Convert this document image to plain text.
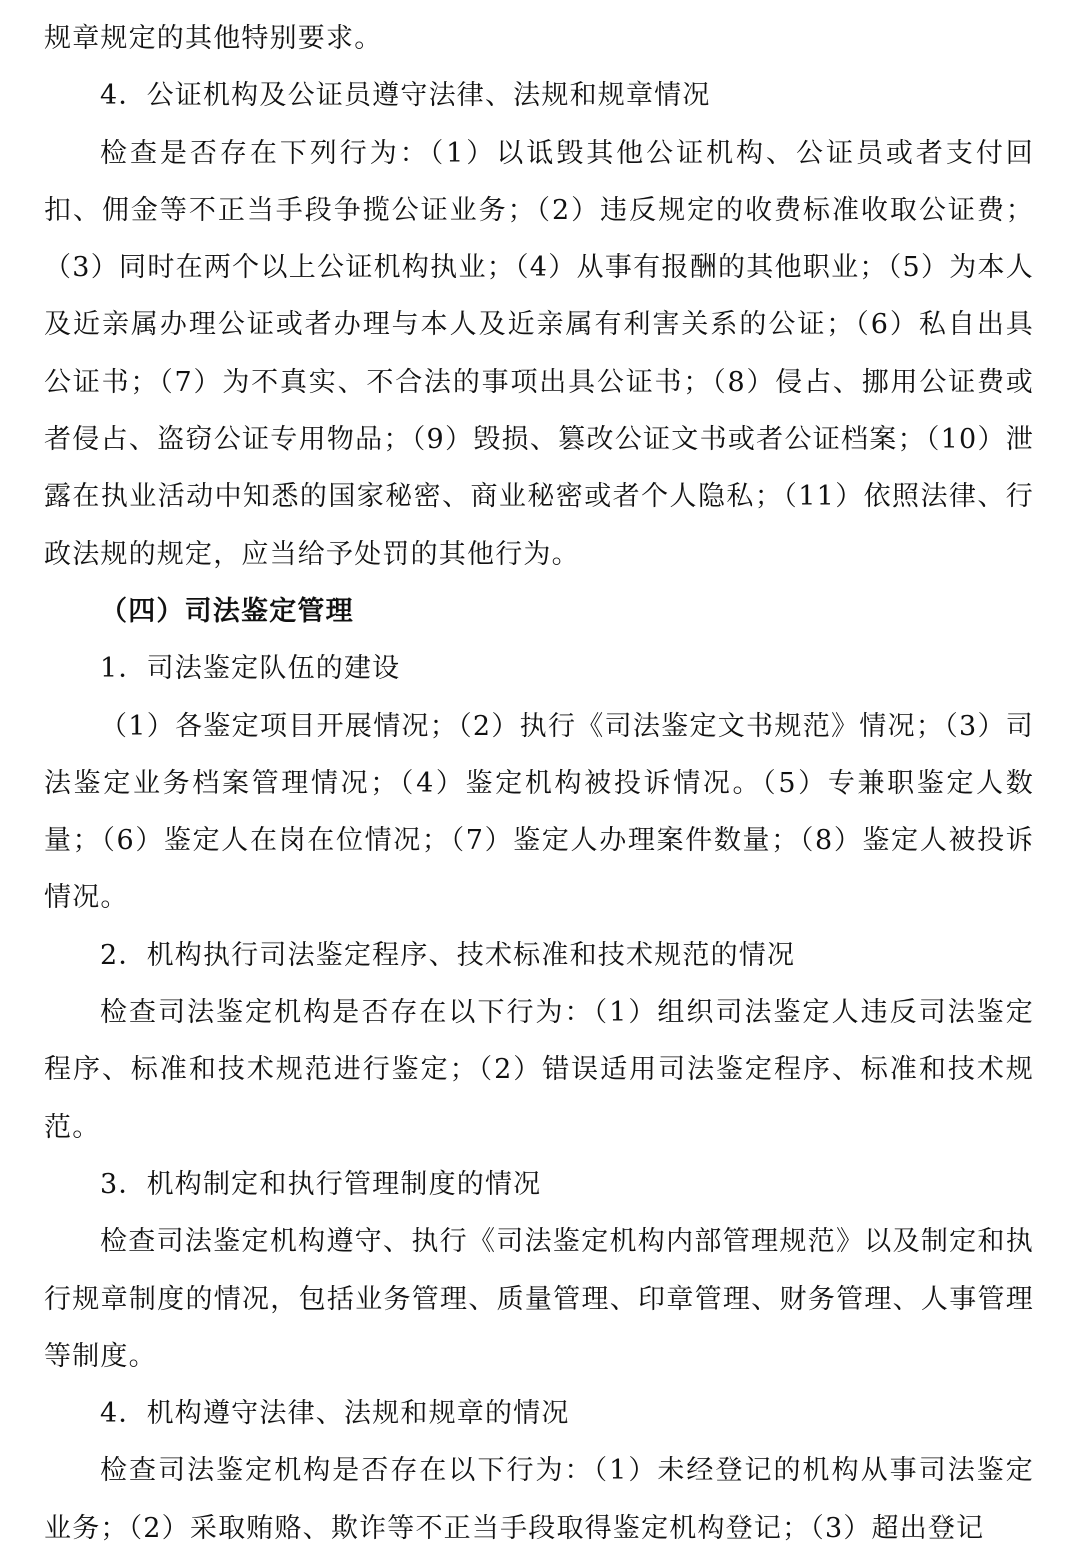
规章规定的其他特别要求。

4．公证机构及公证员遵守法律、法规和规章情况

检查是否存在下列行为：（1）以诋毁其他公证机构、公证员或者支付回扣、佣金等不正当手段争揽公证业务；（2）违反规定的收费标准收取公证费；（3）同时在两个以上公证机构执业；（4）从事有报酬的其他职业；（5）为本人及近亲属办理公证或者办理与本人及近亲属有利害关系的公证；（6）私自出具公证书；（7）为不真实、不合法的事项出具公证书；（8）侵占、挪用公证费或者侵占、盗窃公证专用物品；（9）毁损、篡改公证文书或者公证档案；（10）泄露在执业活动中知悉的国家秘密、商业秘密或者个人隐私；（11）依照法律、行政法规的规定，应当给予处罚的其他行为。

（四）司法鉴定管理

1．司法鉴定队伍的建设

（1）各鉴定项目开展情况；（2）执行《司法鉴定文书规范》情况；（3）司法鉴定业务档案管理情况；（4）鉴定机构被投诉情况。（5）专兼职鉴定人数量；（6）鉴定人在岗在位情况；（7）鉴定人办理案件数量；（8）鉴定人被投诉情况。

2．机构执行司法鉴定程序、技术标准和技术规范的情况

检查司法鉴定机构是否存在以下行为：（1）组织司法鉴定人违反司法鉴定程序、标准和技术规范进行鉴定；（2）错误适用司法鉴定程序、标准和技术规范。

3．机构制定和执行管理制度的情况

检查司法鉴定机构遵守、执行《司法鉴定机构内部管理规范》以及制定和执行规章制度的情况，包括业务管理、质量管理、印章管理、财务管理、人事管理等制度。

4．机构遵守法律、法规和规章的情况

检查司法鉴定机构是否存在以下行为：（1）未经登记的机构从事司法鉴定业务；（2）采取贿赂、欺诈等不正当手段取得鉴定机构登记；（3）超出登记
